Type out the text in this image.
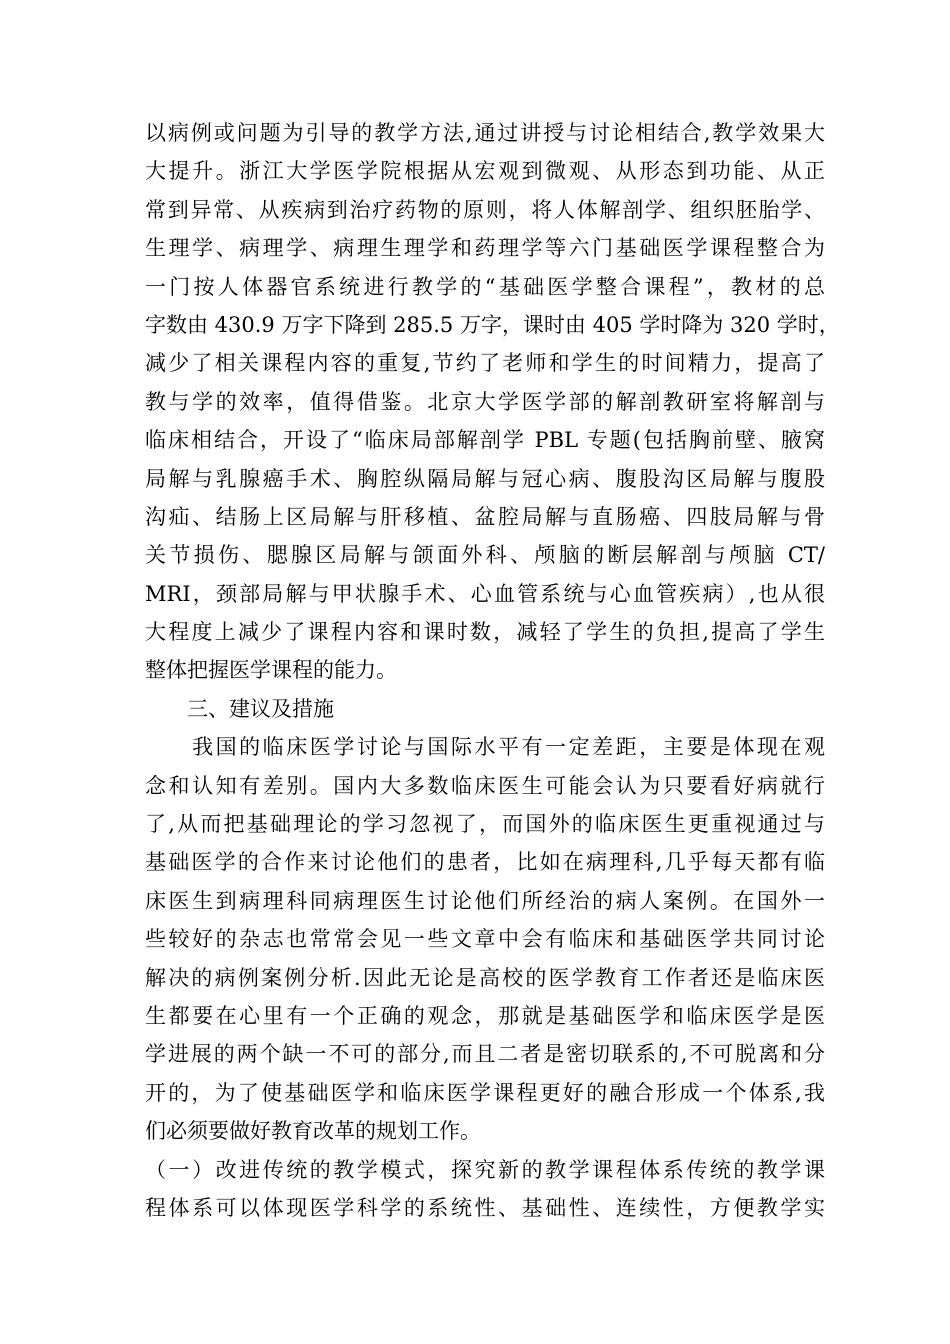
以病例或问题为引导的教学方法,通过讲授与讨论相结合,教学效果大
大提升。浙江大学医学院根据从宏观到微观、从形态到功能、从正
常到异常、从疾病到治疗药物的原则，将人体解剖学、组织胚胎学、
生理学、病理学、病理生理学和药理学等六门基础医学课程整合为
一门按人体器官系统进行教学的“基础医学整合课程”，教材的总
字数由 430.9 万字下降到 285.5 万字，课时由 405 学时降为 320 学时，
减少了相关课程内容的重复,节约了老师和学生的时间精力，提高了
教与学的效率，值得借鉴。北京大学医学部的解剖教研室将解剖与
临床相结合，开设了“临床局部解剖学 PBL 专题(包括胸前壁、腋窝
局解与乳腺癌手术、胸腔纵隔局解与冠心病、腹股沟区局解与腹股
沟疝、结肠上区局解与肝移植、盆腔局解与直肠癌、四肢局解与骨
关节损伤、腮腺区局解与颌面外科、颅脑的断层解剖与颅脑 CT/
MRI，颈部局解与甲状腺手术、心血管系统与心血管疾病）,也从很
大程度上减少了课程内容和课时数，减轻了学生的负担,提高了学生
整体把握医学课程的能力。
　　三、建议及措施
　　我国的临床医学讨论与国际水平有一定差距，主要是体现在观
念和认知有差别。国内大多数临床医生可能会认为只要看好病就行
了,从而把基础理论的学习忽视了，而国外的临床医生更重视通过与
基础医学的合作来讨论他们的患者，比如在病理科,几乎每天都有临
床医生到病理科同病理医生讨论他们所经治的病人案例。在国外一
些较好的杂志也常常会见一些文章中会有临床和基础医学共同讨论
解决的病例案例分析.因此无论是高校的医学教育工作者还是临床医
生都要在心里有一个正确的观念，那就是基础医学和临床医学是医
学进展的两个缺一不可的部分,而且二者是密切联系的,不可脱离和分
开的，为了使基础医学和临床医学课程更好的融合形成一个体系,我
们必须要做好教育改革的规划工作。
（一）改进传统的教学模式，探究新的教学课程体系传统的教学课
程体系可以体现医学科学的系统性、基础性、连续性，方便教学实
